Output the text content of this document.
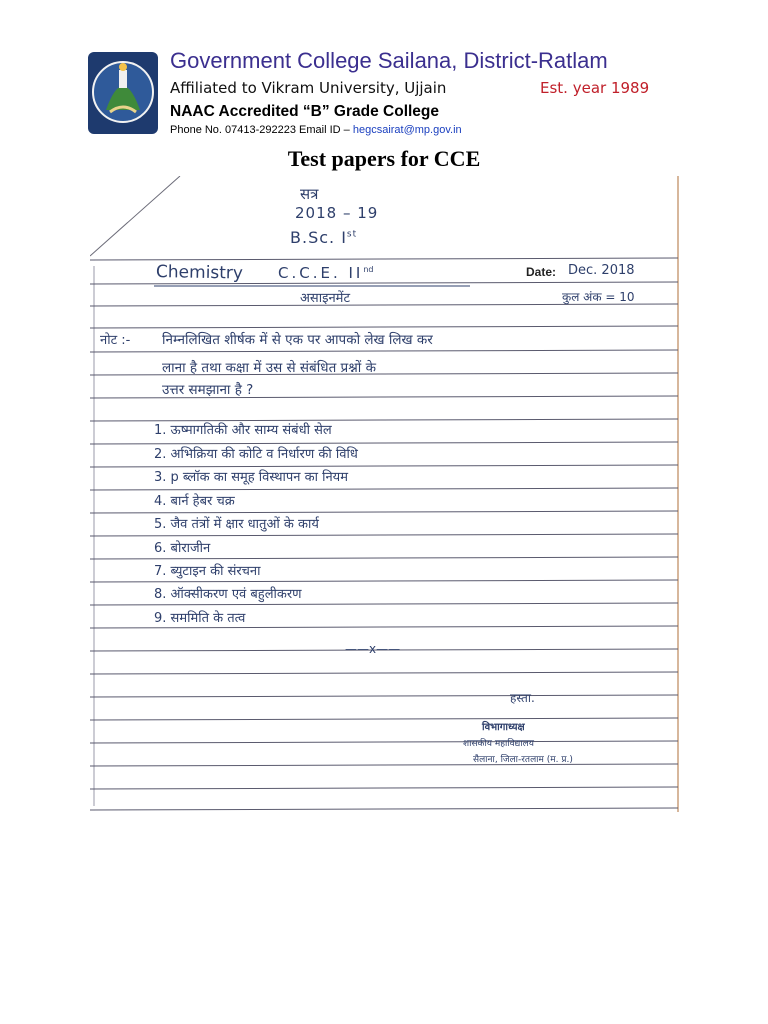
Government College Sailana, District-Ratlam
Affiliated to Vikram University, Ujjain	Est. year 1989
NAAC Accredited “B” Grade College
Phone No. 07413-292223 Email ID – hegcsairat@mp.gov.in
Test papers for CCE
सत्र
2018 – 19
B.Sc. Ist
Chemistry C.C.E. IInd	Date: Dec. 2018
असाइनमेंट	कुल अंक = 10
नोट :- निम्नलिखित शीर्षक में से एक पर आपको लेख लिख कर
लाना है तथा कक्षा में उस से संबंधित प्रश्नों के
उत्तर समझाना है ?
1. ऊष्मागतिकी और साम्य संबंधी सेल
2. अभिक्रिया की कोटि व निर्धारण की विधि
3. p ब्लॉक का समूह विस्थापन का नियम
4. बार्न हेबर चक्र
5. जैव तंत्रों में क्षार धातुओं के कार्य
6. बोराजीन
7. ब्युटाइन की संरचना
8. ऑक्सीकरण एवं बहुलीकरण
9. सममिति के तत्व
——x——
हस्ता.
विभागाध्यक्ष
शासकीय महाविद्यालय
सैलाना, जिला-रतलाम (म. प्र.)
